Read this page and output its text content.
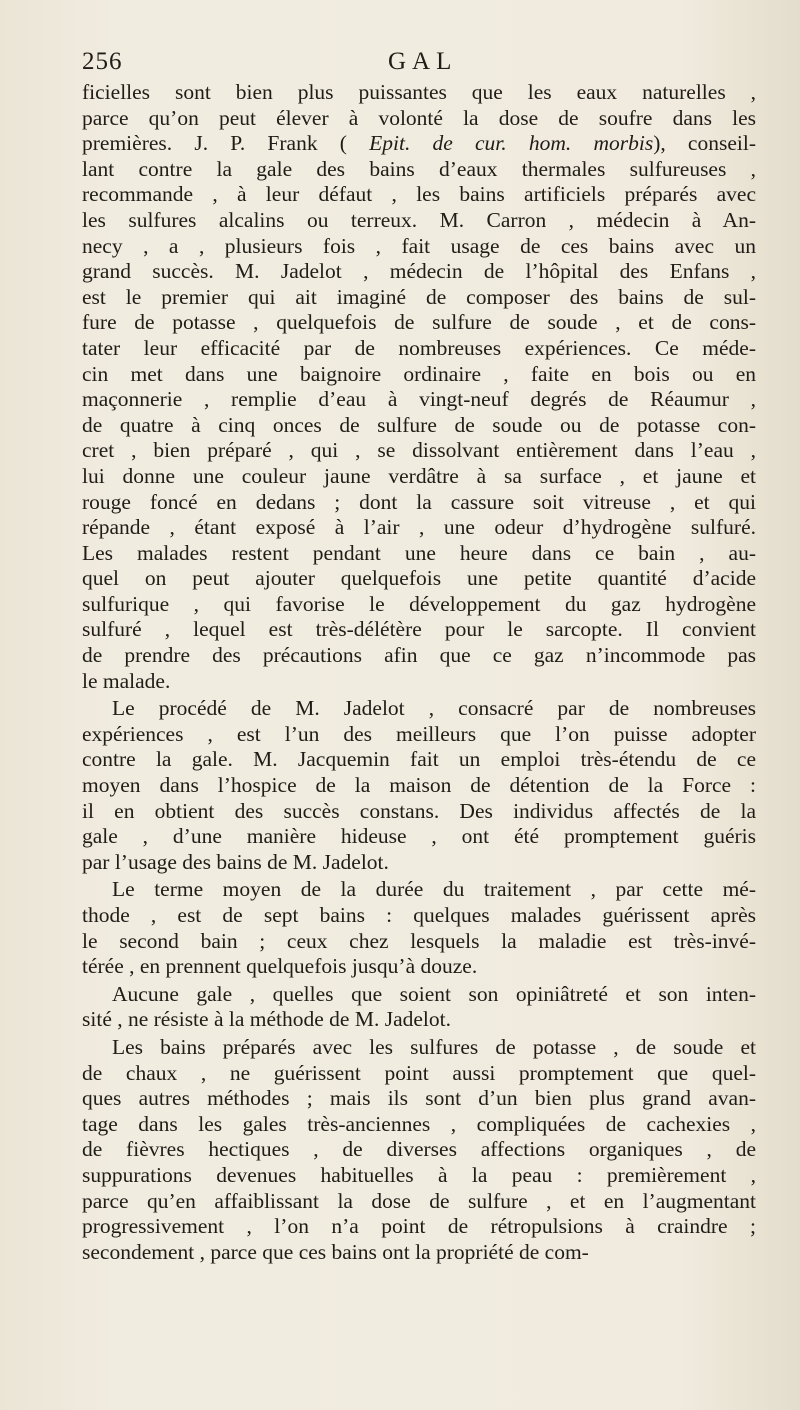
256	GAL
ficielles sont bien plus puissantes que les eaux naturelles ,
parce qu’on peut élever à volonté la dose de soufre dans les
premières. J. P. Frank ( Epit. de cur. hom. morbis), conseil-
lant contre la gale des bains d’eaux thermales sulfureuses ,
recommande , à leur défaut , les bains artificiels préparés avec
les sulfures alcalins ou terreux. M. Carron , médecin à An-
necy , a , plusieurs fois , fait usage de ces bains avec un
grand succès. M. Jadelot , médecin de l’hôpital des Enfans ,
est le premier qui ait imaginé de composer des bains de sul-
fure de potasse , quelquefois de sulfure de soude , et de cons-
tater leur efficacité par de nombreuses expériences. Ce méde-
cin met dans une baignoire ordinaire , faite en bois ou en
maçonnerie , remplie d’eau à vingt-neuf degrés de Réaumur ,
de quatre à cinq onces de sulfure de soude ou de potasse con-
cret , bien préparé , qui , se dissolvant entièrement dans l’eau ,
lui donne une couleur jaune verdâtre à sa surface , et jaune et
rouge foncé en dedans ; dont la cassure soit vitreuse , et qui
répande , étant exposé à l’air , une odeur d’hydrogène sulfuré.
Les malades restent pendant une heure dans ce bain , au-
quel on peut ajouter quelquefois une petite quantité d’acide
sulfurique , qui favorise le développement du gaz hydrogène
sulfuré , lequel est très-délétère pour le sarcopte. Il convient
de prendre des précautions afin que ce gaz n’incommode pas
le malade.
Le procédé de M. Jadelot , consacré par de nombreuses
expériences , est l’un des meilleurs que l’on puisse adopter
contre la gale. M. Jacquemin fait un emploi très-étendu de ce
moyen dans l’hospice de la maison de détention de la Force :
il en obtient des succès constans. Des individus affectés de la
gale , d’une manière hideuse , ont été promptement guéris
par l’usage des bains de M. Jadelot.
Le terme moyen de la durée du traitement , par cette mé-
thode , est de sept bains : quelques malades guérissent après
le second bain ; ceux chez lesquels la maladie est très-invé-
térée , en prennent quelquefois jusqu’à douze.
Aucune gale , quelles que soient son opiniâtreté et son inten-
sité , ne résiste à la méthode de M. Jadelot.
Les bains préparés avec les sulfures de potasse , de soude et
de chaux , ne guérissent point aussi promptement que quel-
ques autres méthodes ; mais ils sont d’un bien plus grand avan-
tage dans les gales très-anciennes , compliquées de cachexies ,
de fièvres hectiques , de diverses affections organiques , de
suppurations devenues habituelles à la peau : premièrement ,
parce qu’en affaiblissant la dose de sulfure , et en l’augmentant
progressivement , l’on n’a point de rétropulsions à craindre ;
secondement , parce que ces bains ont la propriété de com-
